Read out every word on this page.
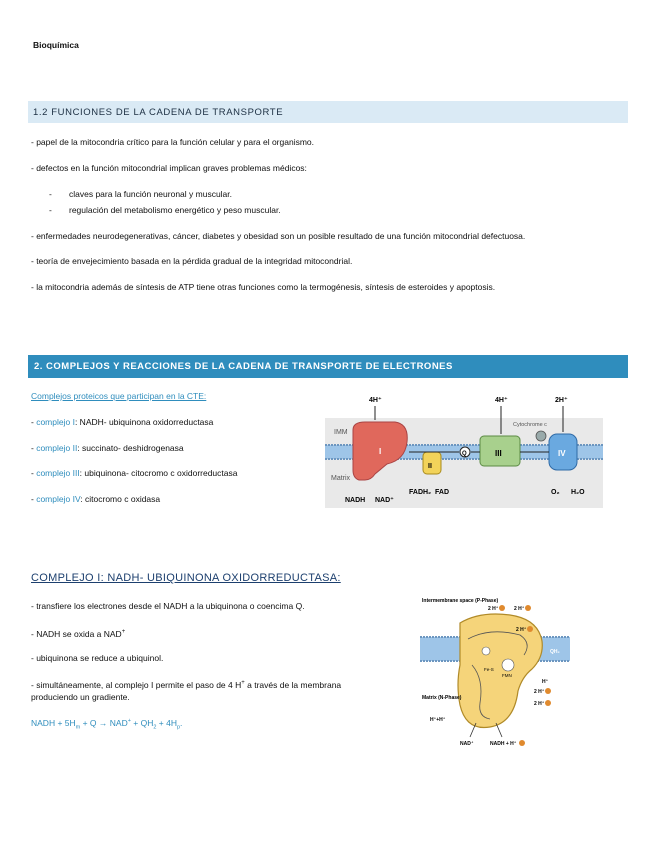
Bioquímica
1.2 FUNCIONES DE LA CADENA DE TRANSPORTE
- papel de la mitocondria crítico para la función celular y para el organismo.
- defectos en la función mitocondrial implican graves problemas médicos:
- claves para la función neuronal y muscular.
- regulación del metabolismo energético y peso muscular.
- enfermedades neurodegenerativas, cáncer, diabetes y obesidad son un posible resultado de una función mitocondrial defectuosa.
- teoría de envejecimiento basada en la pérdida gradual de la integridad mitocondrial.
- la mitocondria además de síntesis de ATP tiene otras funciones como la termogénesis, síntesis de esteroides y apoptosis.
2. COMPLEJOS Y REACCIONES DE LA CADENA DE TRANSPORTE DE ELECTRONES
Complejos proteicos que participan en la CTE:
- complejo I: NADH- ubiquinona oxidorreductasa
- complejo II: succinato- deshidrogenasa
- complejo III: ubiquinona- citocromo c oxidorreductasa
- complejo IV: citocromo c oxidasa
IMM
Matrix
I
4H⁺
II
FADH₂ FAD
Q	III
4H⁺
Cytochrome c
IV
2H⁺
NADH NAD⁺
O₂ H₂O
COMPLEJO I: NADH- UBIQUINONA OXIDORREDUCTASA:
- transfiere los electrones desde el NADH a la ubiquinona o coencima Q.
- NADH se oxida a NAD+
- ubiquinona se reduce a ubiquinol.
- simultáneamente, al complejo I permite el paso de 4 H+ a través de la membrana
produciendo un gradiente.
NADH + $5H_m + Q \to NAD^+ + QH_2 + 4H_p$.
Intermembrane space (P-Phase)
Fe-S
FMN
2 H⁺	2 H⁺
2 H⁺
H⁺
2 H⁺
2 H⁺
QH₂
Q
Matrix (N-Phase)
H⁺+H⁺
NAD⁺	NADH + H⁺
